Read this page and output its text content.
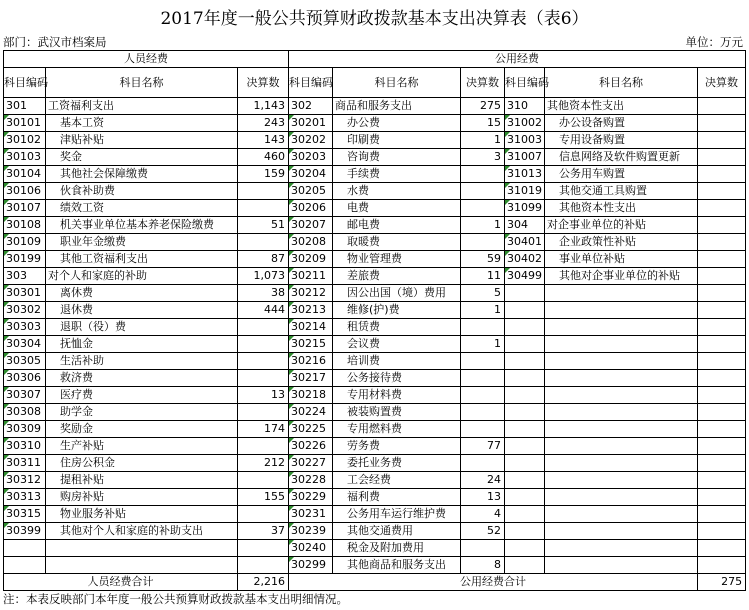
2017年度一般公共预算财政拨款基本支出决算表（表6）
部门：武汉市档案局	单位：万元
人员经费			公用经费					
科目编码	科目名称	决算数	科目编码	科目名称	决算数	科目编码	科目名称	决算数
301	工资福利支出	1,143	302	商品和服务支出	275	310	其他资本性支出	
30101	基本工资	243	30201	办公费	15	31002	办公设备购置	
30102	津贴补贴	143	30202	印刷费	1	31003	专用设备购置	
30103	奖金	460	30203	咨询费	3	31007	信息网络及软件购置更新	
30104	其他社会保障缴费	159	30204	手续费		31013	公务用车购置	
30106	伙食补助费		30205	水费		31019	其他交通工具购置	
30107	绩效工资		30206	电费		31099	其他资本性支出	
30108	机关事业单位基本养老保险缴费	51	30207	邮电费	1	304	对企事业单位的补贴	
30109	职业年金缴费		30208	取暖费		30401	企业政策性补贴	
30199	其他工资福利支出	87	30209	物业管理费	59	30402	事业单位补贴	
303	对个人和家庭的补助	1,073	30211	差旅费	11	30499	其他对企事业单位的补贴	
30301	离休费	38	30212	因公出国（境）费用	5			
30302	退休费	444	30213	维修(护)费	1			
30303	退职（役）费		30214	租赁费				
30304	抚恤金		30215	会议费	1			
30305	生活补助		30216	培训费				
30306	救济费		30217	公务接待费				
30307	医疗费	13	30218	专用材料费				
30308	助学金		30224	被装购置费				
30309	奖励金	174	30225	专用燃料费				
30310	生产补贴		30226	劳务费	77			
30311	住房公积金	212	30227	委托业务费				
30312	提租补贴		30228	工会经费	24			
30313	购房补贴	155	30229	福利费	13			
30315	物业服务补贴		30231	公务用车运行维护费	4			
30399	其他对个人和家庭的补助支出	37	30239	其他交通费用	52			
			30240	税金及附加费用				
			30299	其他商品和服务支出	8			
人员经费合计		2,216	公用经费合计					275
注：本表反映部门本年度一般公共预算财政拨款基本支出明细情况。
